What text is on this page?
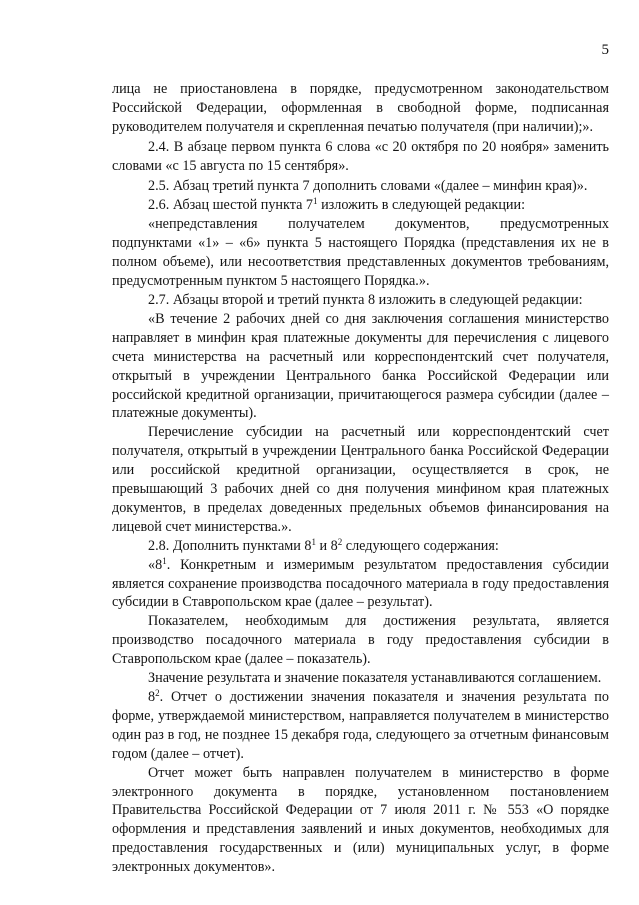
5

лица не приостановлена в порядке, предусмотренном законодательством Российской Федерации, оформленная в свободной форме, подписанная руководителем получателя и скрепленная печатью получателя (при наличии);».

2.4. В абзаце первом пункта 6 слова «с 20 октября по 20 ноября» заменить словами «с 15 августа по 15 сентября».

2.5. Абзац третий пункта 7 дополнить словами «(далее – минфин края)».

2.6. Абзац шестой пункта $7^1$ изложить в следующей редакции:

«непредставления получателем документов, предусмотренных подпунктами «1» – «6» пункта 5 настоящего Порядка (представления их не в полном объеме), или несоответствия представленных документов требованиям, предусмотренным пунктом 5 настоящего Порядка.».

2.7. Абзацы второй и третий пункта 8 изложить в следующей редакции:

«В течение 2 рабочих дней со дня заключения соглашения министерство направляет в минфин края платежные документы для перечисления с лицевого счета министерства на расчетный или корреспондентский счет получателя, открытый в учреждении Центрального банка Российской Федерации или российской кредитной организации, причитающегося размера субсидии (далее – платежные документы).

Перечисление субсидии на расчетный или корреспондентский счет получателя, открытый в учреждении Центрального банка Российской Федерации или российской кредитной организации, осуществляется в срок, не превышающий 3 рабочих дней со дня получения минфином края платежных документов, в пределах доведенных предельных объемов финансирования на лицевой счет министерства.».

2.8. Дополнить пунктами $8^1$ и $8^2$ следующего содержания:

«$8^1$. Конкретным и измеримым результатом предоставления субсидии является сохранение производства посадочного материала в году предоставления субсидии в Ставропольском крае (далее – результат).

Показателем, необходимым для достижения результата, является производство посадочного материала в году предоставления субсидии в Ставропольском крае (далее – показатель).

Значение результата и значение показателя устанавливаются соглашением.

$8^2$. Отчет о достижении значения показателя и значения результата по форме, утверждаемой министерством, направляется получателем в министерство один раз в год, не позднее 15 декабря года, следующего за отчетным финансовым годом (далее – отчет).

Отчет может быть направлен получателем в министерство в форме электронного документа в порядке, установленном постановлением Правительства Российской Федерации от 7 июля 2011 г. № 553 «О порядке оформления и представления заявлений и иных документов, необходимых для предоставления государственных и (или) муниципальных услуг, в форме электронных документов».
